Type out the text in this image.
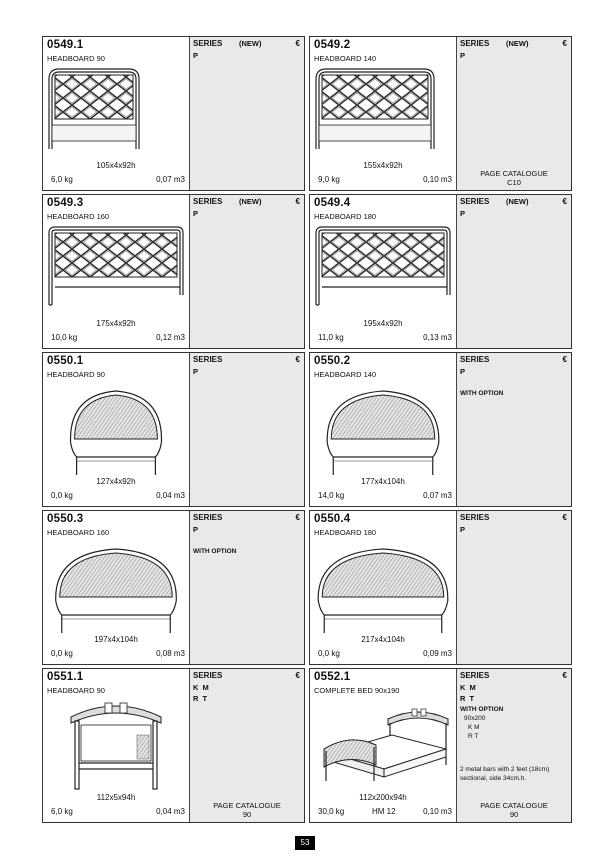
0549.1
HEADBOARD 90
105x4x92h
6,0 kg	0,07 m3
SERIES (NEW)	€
P
0549.2
HEADBOARD 140
155x4x92h
9,0 kg	0,10 m3
SERIES (NEW)	€
P
PAGE CATALOGUE
C10
0549.3
HEADBOARD 160
175x4x92h
10,0 kg	0,12 m3
SERIES (NEW)	€
P
0549.4
HEADBOARD 180
195x4x92h
11,0 kg	0,13 m3
SERIES (NEW)	€
P
0550.1
HEADBOARD 90
127x4x92h
0,0 kg	0,04 m3
SERIES	€
P
0550.2
HEADBOARD 140
177x4x104h
14,0 kg	0,07 m3
SERIES	€
P
WITH OPTION
0550.3
HEADBOARD 160
197x4x104h
0,0 kg	0,08 m3
SERIES	€
P
WITH OPTION
0550.4
HEADBOARD 180
217x4x104h
0,0 kg	0,09 m3
SERIES	€
P
0551.1
HEADBOARD 90
112x5x94h
6,0 kg	0,04 m3
SERIES	€
K M
R T
PAGE CATALOGUE
90
0552.1
COMPLETE BED 90x190
112x200x94h
30,0 kg	HM 12	0,10 m3
SERIES	€
K M
R T
WITH OPTION
90x200
K M
R T
2 metal bars with 2 feet (18cm) sectional, side 34cm.h.
PAGE CATALOGUE
90
53
